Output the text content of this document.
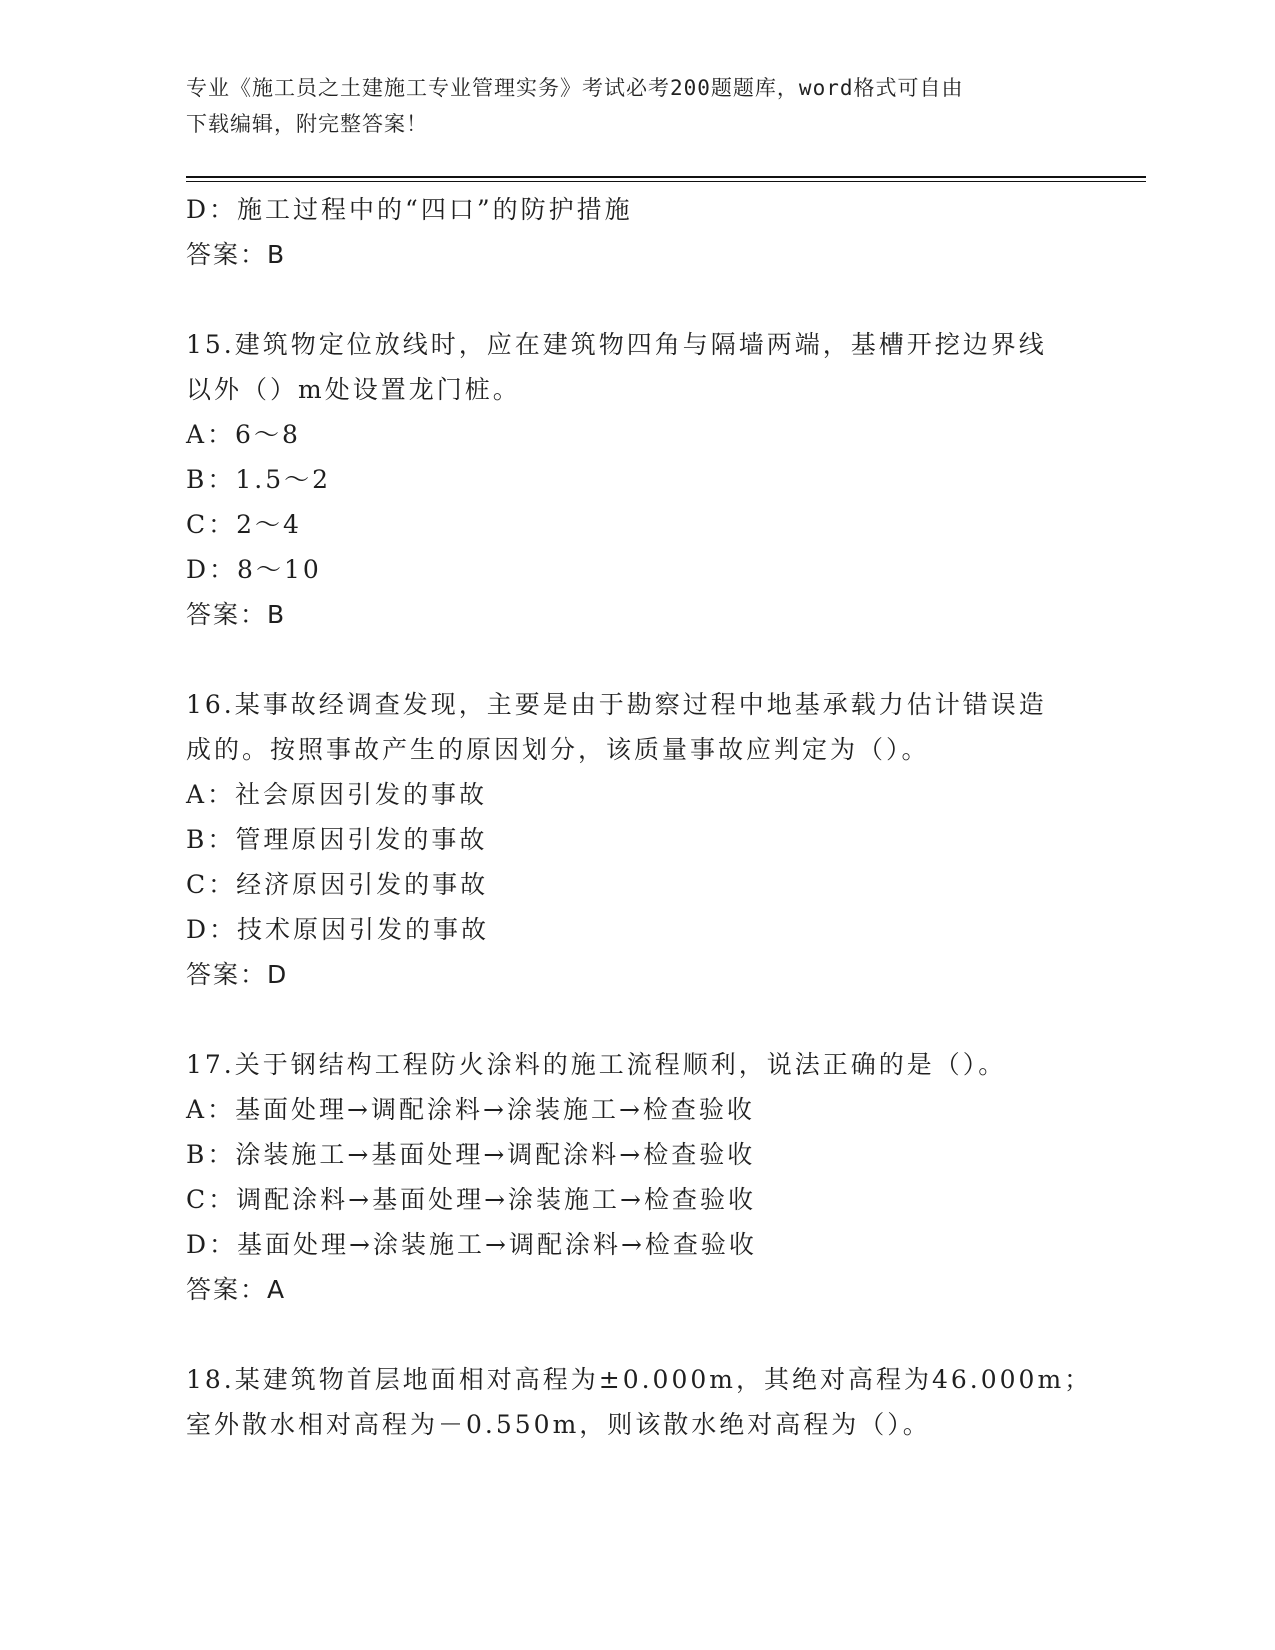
专业《施工员之土建施工专业管理实务》考试必考200题题库，word格式可自由
下载编辑，附完整答案！
D：施工过程中的“四口”的防护措施
答案：B
15.建筑物定位放线时，应在建筑物四角与隔墙两端，基槽开挖边界线
以外（）m处设置龙门桩。
A：6～8
B：1.5～2
C：2～4
D：8～10
答案：B
16.某事故经调查发现，主要是由于勘察过程中地基承载力估计错误造
成的。按照事故产生的原因划分，该质量事故应判定为（）。
A：社会原因引发的事故
B：管理原因引发的事故
C：经济原因引发的事故
D：技术原因引发的事故
答案：D
17.关于钢结构工程防火涂料的施工流程顺利，说法正确的是（）。
A：基面处理→调配涂料→涂装施工→检查验收
B：涂装施工→基面处理→调配涂料→检查验收
C：调配涂料→基面处理→涂装施工→检查验收
D：基面处理→涂装施工→调配涂料→检查验收
答案：A
18.某建筑物首层地面相对高程为±0.000m，其绝对高程为46.000m；
室外散水相对高程为－0.550m，则该散水绝对高程为（）。
